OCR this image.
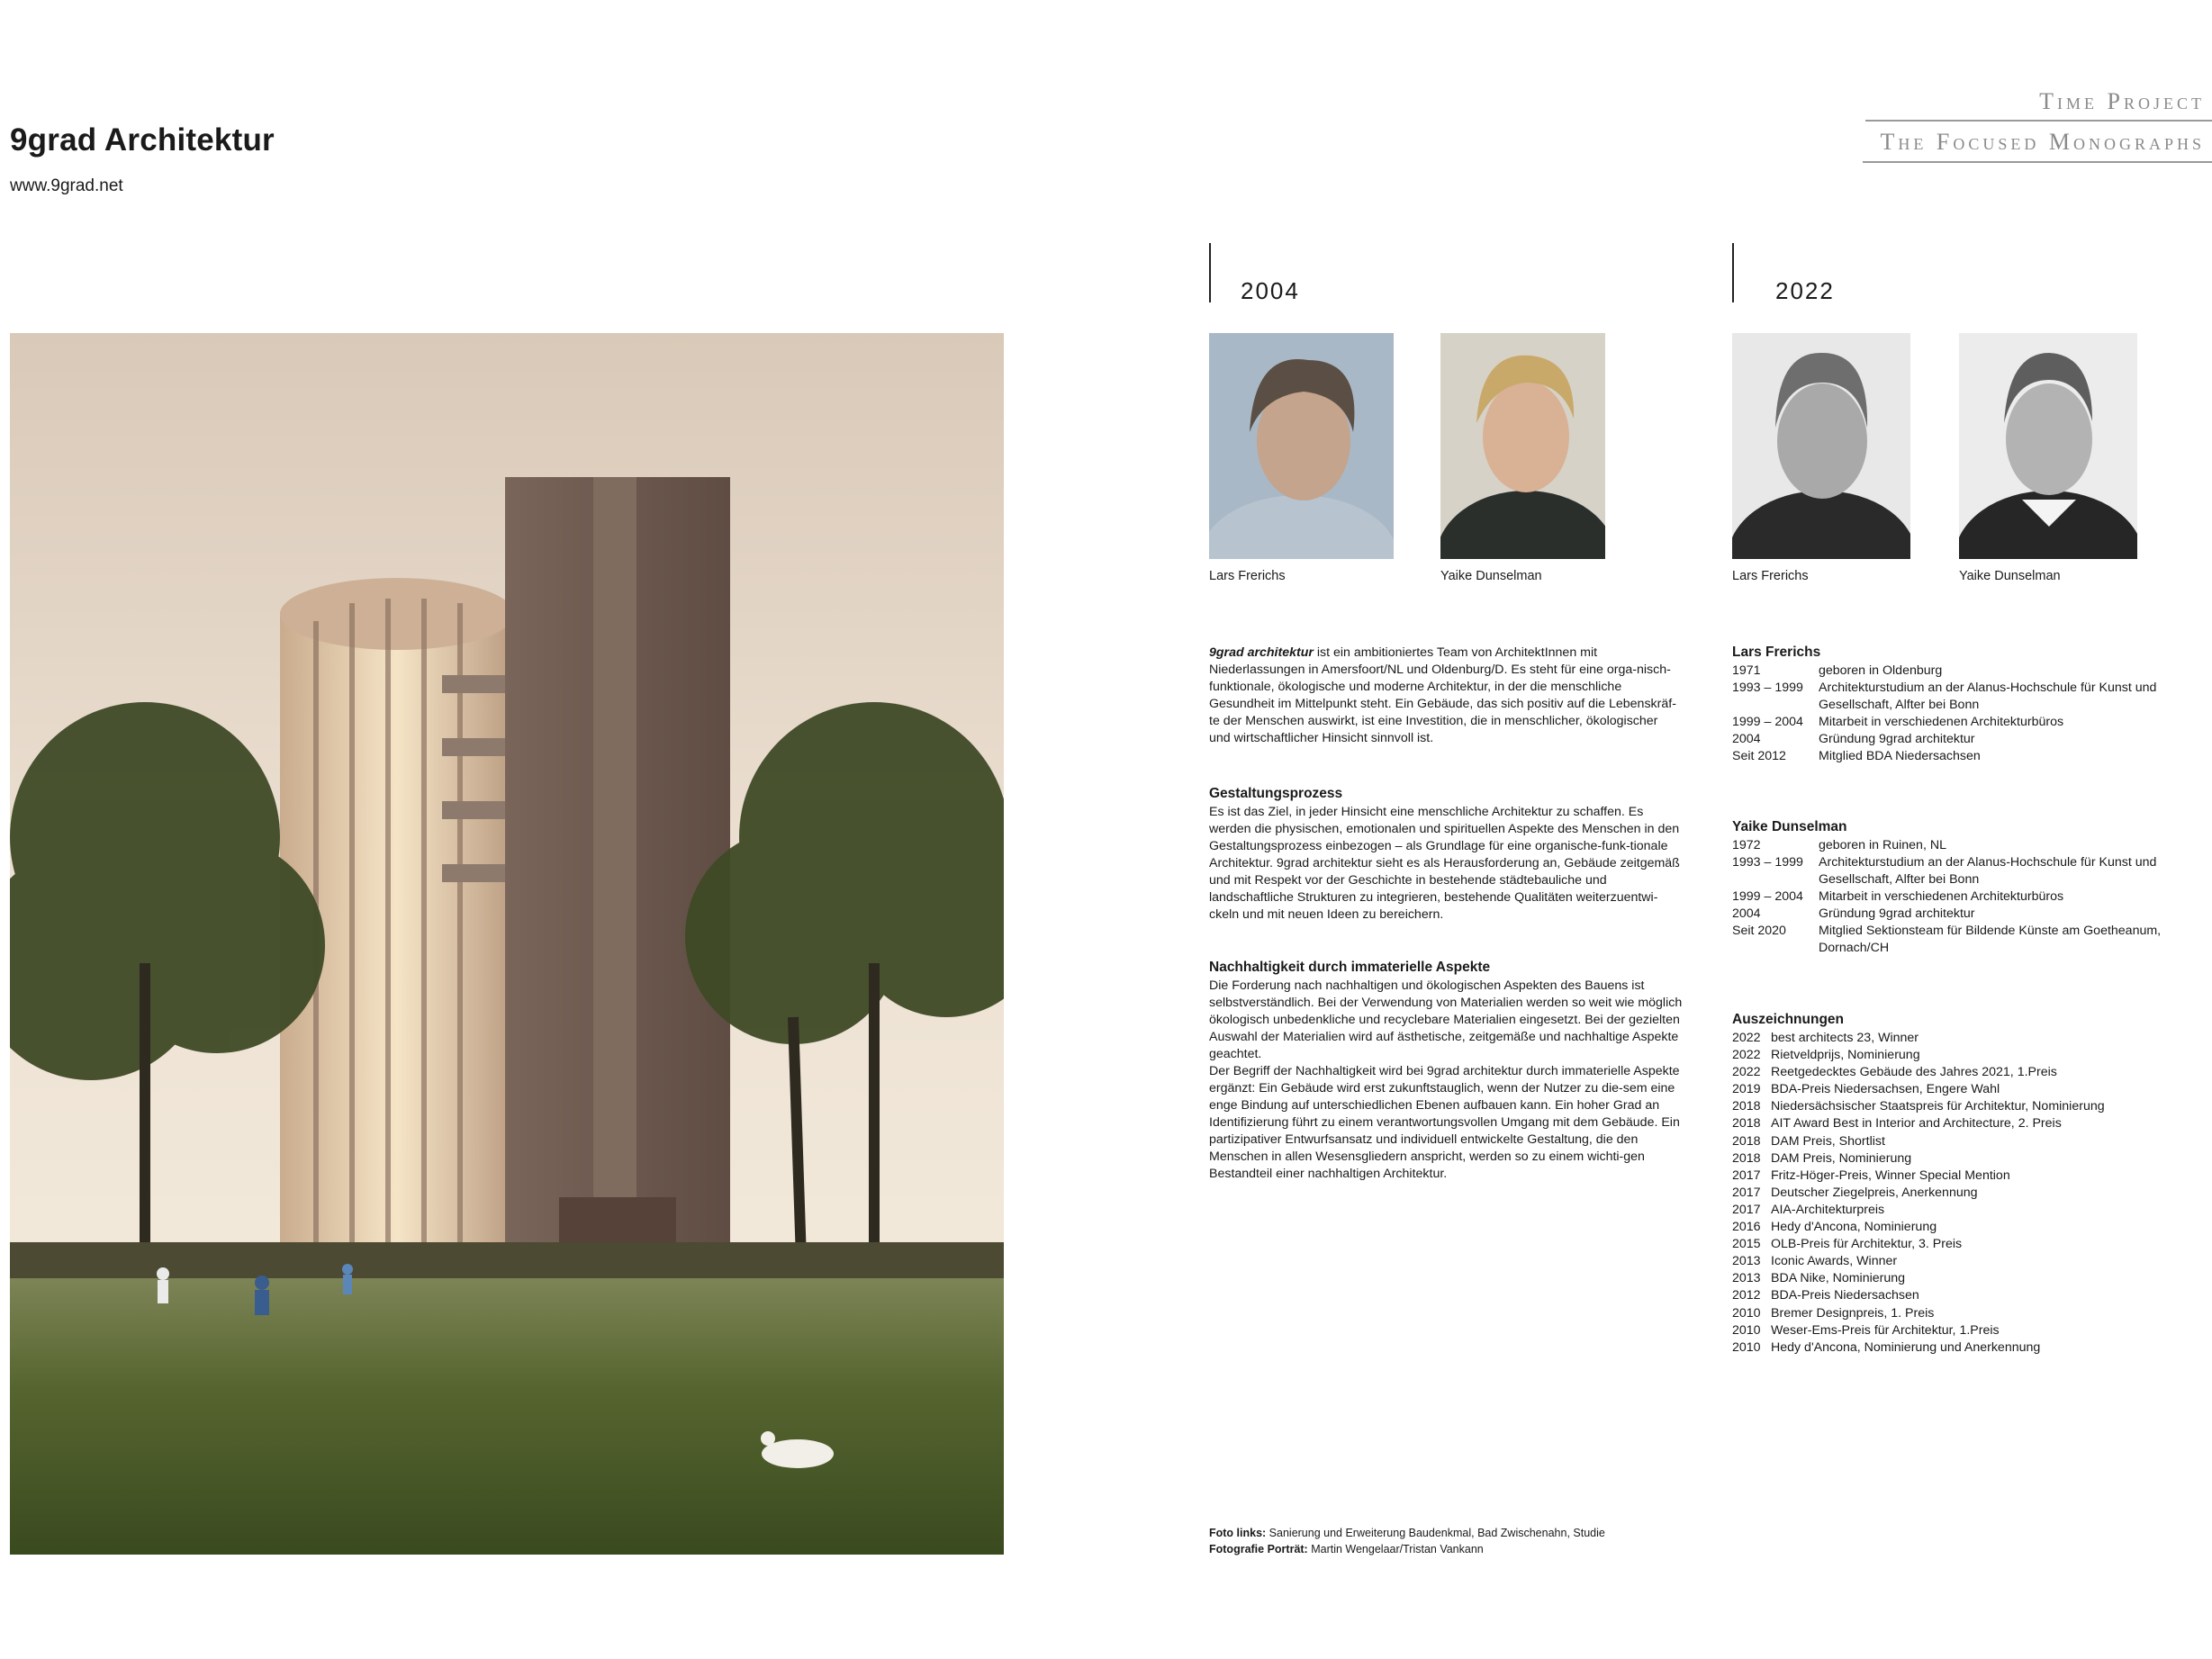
9grad Architektur
www.9grad.net
Time Project
The Focused Monographs
2004	2022
Lars Frerichs	Yaike Dunselman	Lars Frerichs	Yaike Dunselman
9grad architektur ist ein ambitioniertes Team von ArchitektInnen mit Niederlassungen in Amersfoort/NL und Oldenburg/D. Es steht für eine orga-nisch-funktionale, ökologische und moderne Architektur, in der die menschliche Gesundheit im Mittelpunkt steht. Ein Gebäude, das sich positiv auf die Lebenskräf-te der Menschen auswirkt, ist eine Investition, die in menschlicher, ökologischer und wirtschaftlicher Hinsicht sinnvoll ist.
Gestaltungsprozess
Es ist das Ziel, in jeder Hinsicht eine menschliche Architektur zu schaffen. Es werden die physischen, emotionalen und spirituellen Aspekte des Menschen in den Gestaltungsprozess einbezogen – als Grundlage für eine organische-funk-tionale Architektur. 9grad architektur sieht es als Herausforderung an, Gebäude zeitgemäß und mit Respekt vor der Geschichte in bestehende städtebauliche und landschaftliche Strukturen zu integrieren, bestehende Qualitäten weiterzuentwi-ckeln und mit neuen Ideen zu bereichern.
Nachhaltigkeit durch immaterielle Aspekte
Die Forderung nach nachhaltigen und ökologischen Aspekten des Bauens ist selbstverständlich. Bei der Verwendung von Materialien werden so weit wie möglich ökologisch unbedenkliche und recyclebare Materialien eingesetzt. Bei der gezielten Auswahl der Materialien wird auf ästhetische, zeitgemäße und nachhaltige Aspekte geachtet.
Der Begriff der Nachhaltigkeit wird bei 9grad architektur durch immaterielle Aspekte ergänzt: Ein Gebäude wird erst zukunftstauglich, wenn der Nutzer zu die-sem eine enge Bindung auf unterschiedlichen Ebenen aufbauen kann. Ein hoher Grad an Identifizierung führt zu einem verantwortungsvollen Umgang mit dem Gebäude. Ein partizipativer Entwurfsansatz und individuell entwickelte Gestaltung, die den Menschen in allen Wesensgliedern anspricht, werden so zu einem wichti-gen Bestandteil einer nachhaltigen Architektur.
Lars Frerichs
1971	geboren in Oldenburg
1993 – 1999	Architekturstudium an der Alanus-Hochschule für Kunst und Gesellschaft, Alfter bei Bonn
1999 – 2004	Mitarbeit in verschiedenen Architekturbüros
2004	Gründung 9grad architektur
Seit 2012	Mitglied BDA Niedersachsen
Yaike Dunselman
1972	geboren in Ruinen, NL
1993 – 1999	Architekturstudium an der Alanus-Hochschule für Kunst und Gesellschaft, Alfter bei Bonn
1999 – 2004	Mitarbeit in verschiedenen Architekturbüros
2004	Gründung 9grad architektur
Seit 2020	Mitglied Sektionsteam für Bildende Künste am Goetheanum, Dornach/CH
Auszeichnungen
2022	best architects 23, Winner
2022	Rietveldprijs, Nominierung
2022	Reetgedecktes Gebäude des Jahres 2021, 1.Preis
2019	BDA-Preis Niedersachsen, Engere Wahl
2018	Niedersächsischer Staatspreis für Architektur, Nominierung
2018	AIT Award Best in Interior and Architecture, 2. Preis
2018	DAM Preis, Shortlist
2018	DAM Preis, Nominierung
2017	Fritz-Höger-Preis, Winner Special Mention
2017	Deutscher Ziegelpreis, Anerkennung
2017	AIA-Architekturpreis
2016	Hedy d'Ancona, Nominierung
2015	OLB-Preis für Architektur, 3. Preis
2013	Iconic Awards, Winner
2013	BDA Nike, Nominierung
2012	BDA-Preis Niedersachsen
2010	Bremer Designpreis, 1. Preis
2010	Weser-Ems-Preis für Architektur, 1.Preis
2010	Hedy d'Ancona, Nominierung und Anerkennung
Foto links: Sanierung und Erweiterung Baudenkmal, Bad Zwischenahn, Studie
Fotografie Porträt: Martin Wengelaar/Tristan Vankann
